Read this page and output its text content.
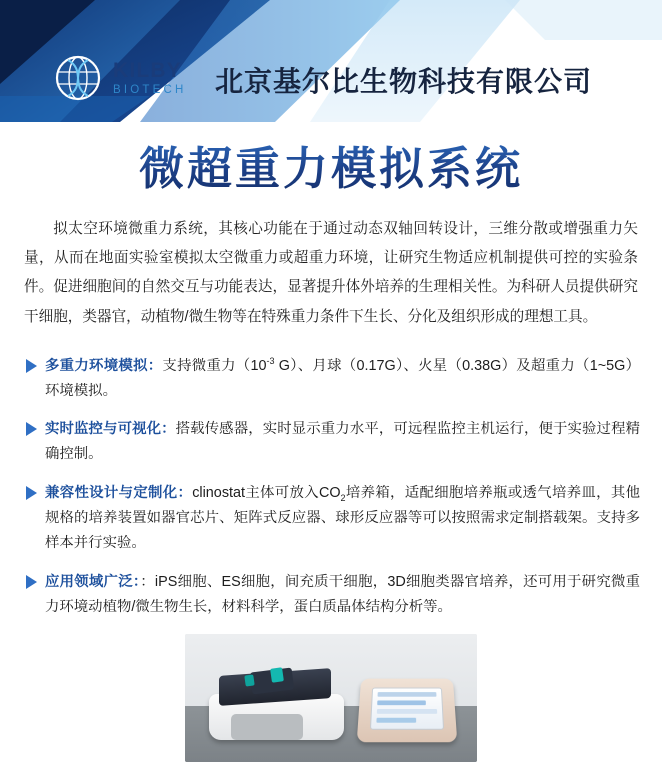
KILBY
BIOTECH 北京基尔比生物科技有限公司
微超重力模拟系统

拟太空环境微重力系统，其核心功能在于通过动态双轴回转设计，三维分散或增强重力矢量，从而在地面实验室模拟太空微重力或超重力环境，让研究生物适应机制提供可控的实验条件。促进细胞间的自然交互与功能表达，显著提升体外培养的生理相关性。为科研人员提供研究干细胞，类器官，动植物/微生物等在特殊重力条件下生长、分化及组织形成的理想工具。

多重力环境模拟：支持微重力（$10^{-3}$ G）、月球（0.17G）、火星（0.38G）及超重力（1~5G）环境模拟。
实时监控与可视化：搭载传感器，实时显示重力水平，可远程监控主机运行，便于实验过程精确控制。
兼容性设计与定制化：clinostat主体可放入$CO_2$培养箱，适配细胞培养瓶或透气培养皿，其他规格的培养装置如器官芯片、矩阵式反应器、球形反应器等可以按照需求定制搭载架。支持多样本并行实验。
应用领域广泛：：iPS细胞、ES细胞，间充质干细胞，3D细胞类器官培养，还可用于研究微重力环境动植物/微生物生长，材料科学，蛋白质晶体结构分析等。
